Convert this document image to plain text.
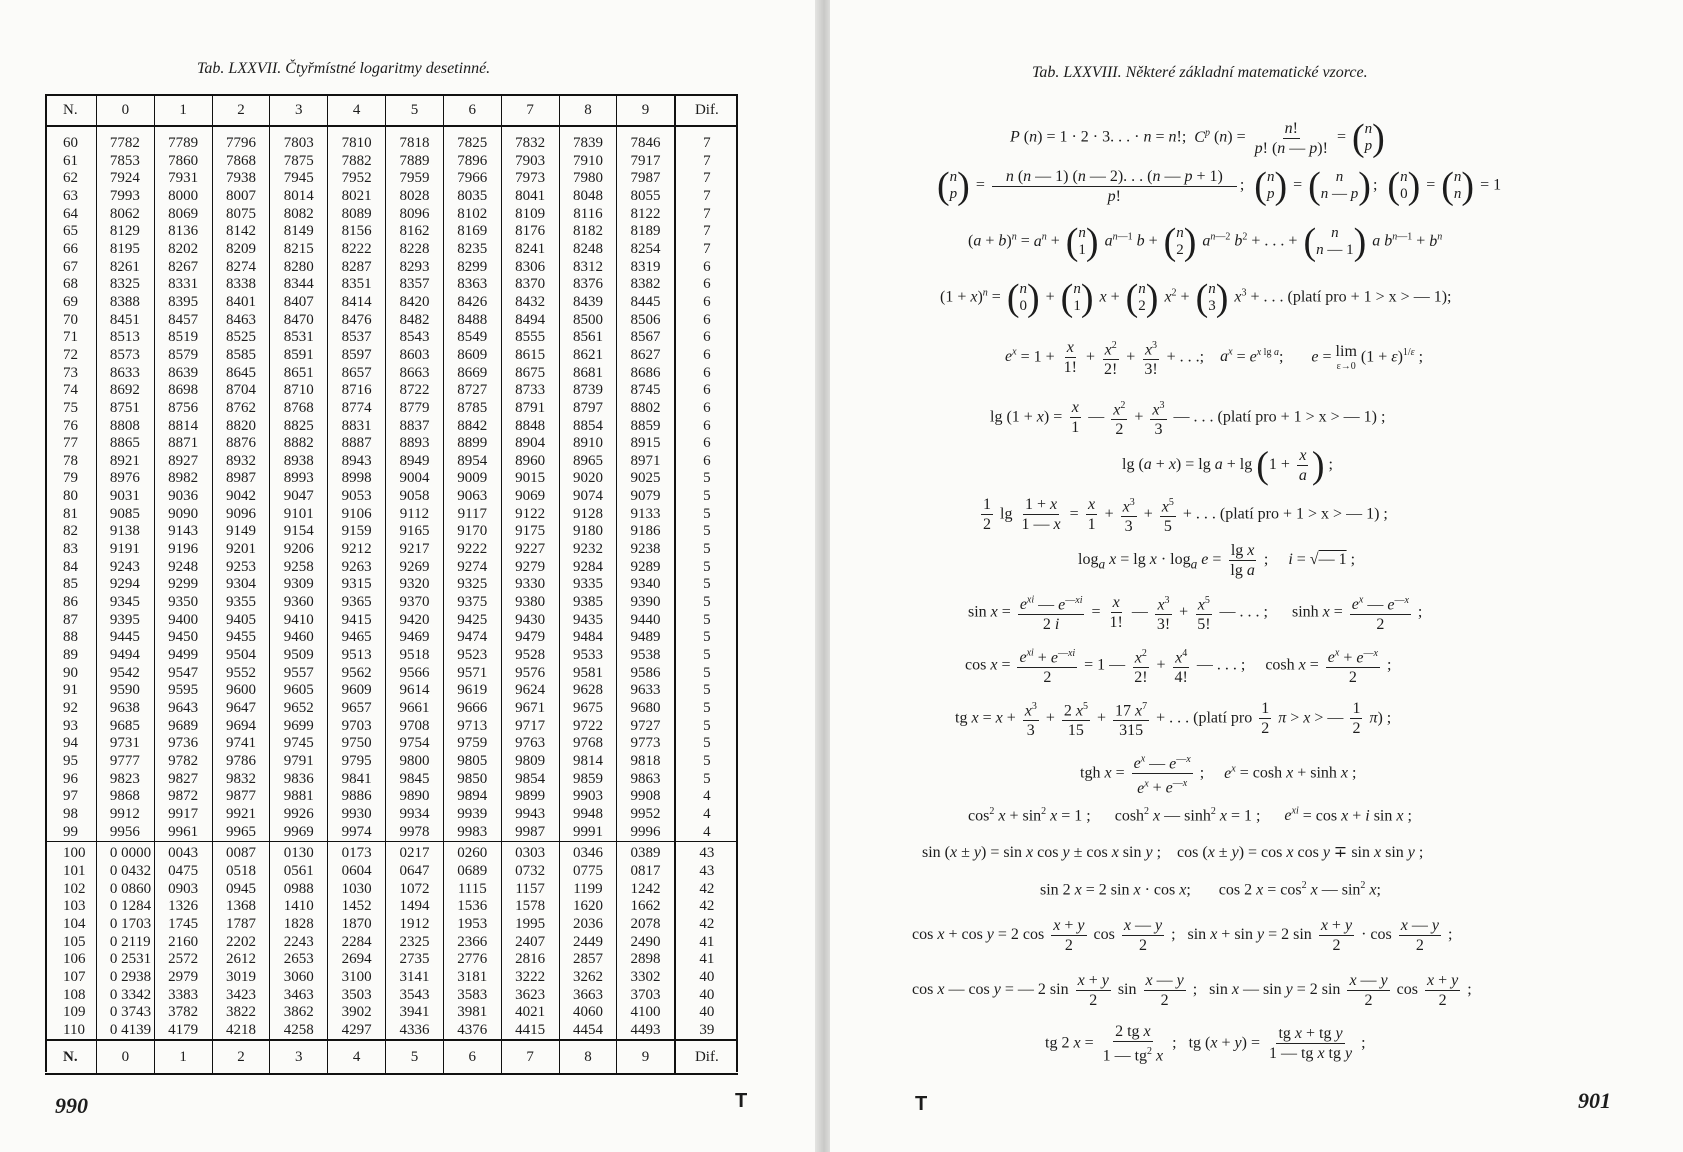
Tab. LXXVII. Čtyřmístné logaritmy desetinné.
N.	0	1	2	3	4	5	6	7	8	9	Dif.
60	7782	7789	7796	7803	7810	7818	7825	7832	7839	7846	7
61	7853	7860	7868	7875	7882	7889	7896	7903	7910	7917	7
62	7924	7931	7938	7945	7952	7959	7966	7973	7980	7987	7
63	7993	8000	8007	8014	8021	8028	8035	8041	8048	8055	7
64	8062	8069	8075	8082	8089	8096	8102	8109	8116	8122	7
65	8129	8136	8142	8149	8156	8162	8169	8176	8182	8189	7
66	8195	8202	8209	8215	8222	8228	8235	8241	8248	8254	7
67	8261	8267	8274	8280	8287	8293	8299	8306	8312	8319	6
68	8325	8331	8338	8344	8351	8357	8363	8370	8376	8382	6
69	8388	8395	8401	8407	8414	8420	8426	8432	8439	8445	6
70	8451	8457	8463	8470	8476	8482	8488	8494	8500	8506	6
71	8513	8519	8525	8531	8537	8543	8549	8555	8561	8567	6
72	8573	8579	8585	8591	8597	8603	8609	8615	8621	8627	6
73	8633	8639	8645	8651	8657	8663	8669	8675	8681	8686	6
74	8692	8698	8704	8710	8716	8722	8727	8733	8739	8745	6
75	8751	8756	8762	8768	8774	8779	8785	8791	8797	8802	6
76	8808	8814	8820	8825	8831	8837	8842	8848	8854	8859	6
77	8865	8871	8876	8882	8887	8893	8899	8904	8910	8915	6
78	8921	8927	8932	8938	8943	8949	8954	8960	8965	8971	6
79	8976	8982	8987	8993	8998	9004	9009	9015	9020	9025	5
80	9031	9036	9042	9047	9053	9058	9063	9069	9074	9079	5
81	9085	9090	9096	9101	9106	9112	9117	9122	9128	9133	5
82	9138	9143	9149	9154	9159	9165	9170	9175	9180	9186	5
83	9191	9196	9201	9206	9212	9217	9222	9227	9232	9238	5
84	9243	9248	9253	9258	9263	9269	9274	9279	9284	9289	5
85	9294	9299	9304	9309	9315	9320	9325	9330	9335	9340	5
86	9345	9350	9355	9360	9365	9370	9375	9380	9385	9390	5
87	9395	9400	9405	9410	9415	9420	9425	9430	9435	9440	5
88	9445	9450	9455	9460	9465	9469	9474	9479	9484	9489	5
89	9494	9499	9504	9509	9513	9518	9523	9528	9533	9538	5
90	9542	9547	9552	9557	9562	9566	9571	9576	9581	9586	5
91	9590	9595	9600	9605	9609	9614	9619	9624	9628	9633	5
92	9638	9643	9647	9652	9657	9661	9666	9671	9675	9680	5
93	9685	9689	9694	9699	9703	9708	9713	9717	9722	9727	5
94	9731	9736	9741	9745	9750	9754	9759	9763	9768	9773	5
95	9777	9782	9786	9791	9795	9800	9805	9809	9814	9818	5
96	9823	9827	9832	9836	9841	9845	9850	9854	9859	9863	5
97	9868	9872	9877	9881	9886	9890	9894	9899	9903	9908	4
98	9912	9917	9921	9926	9930	9934	9939	9943	9948	9952	4
99	9956	9961	9965	9969	9974	9978	9983	9987	9991	9996	4
100	0 0000	0043	0087	0130	0173	0217	0260	0303	0346	0389	43
101	0 0432	0475	0518	0561	0604	0647	0689	0732	0775	0817	43
102	0 0860	0903	0945	0988	1030	1072	1115	1157	1199	1242	42
103	0 1284	1326	1368	1410	1452	1494	1536	1578	1620	1662	42
104	0 1703	1745	1787	1828	1870	1912	1953	1995	2036	2078	42
105	0 2119	2160	2202	2243	2284	2325	2366	2407	2449	2490	41
106	0 2531	2572	2612	2653	2694	2735	2776	2816	2857	2898	41
107	0 2938	2979	3019	3060	3100	3141	3181	3222	3262	3302	40
108	0 3342	3383	3423	3463	3503	3543	3583	3623	3663	3703	40
109	0 3743	3782	3822	3862	3902	3941	3981	4021	4060	4100	40
110	0 4139	4179	4218	4258	4297	4336	4376	4415	4454	4493	39
N.	0	1	2	3	4	5	6	7	8	9	Dif.
990	T
Tab. LXXVIII. Některé základní matematické vzorce.
P (n) = 1 · 2 · 3. . . · n = n!;  $C^p$ $(n) = \frac{n!}{p! (n — p)!}$ = ( n
p )
( n
p ) = $\frac{n (n — 1) (n — 2). . . (n — p + 1)}{p!}$ ; ( n
p ) = ( n
n — p ) ; ( n
0 ) = ( n
n ) = 1
$(a + b)^n = a^n$ + ( n
1 ) $a^{n—1}$ b + ( n
2 ) $a^{n—2}$ $b^2$ + . . . + ( n
n — 1 ) a $b^{n—1} + b^n$
$(1 + x)^n$ = ( n
0 ) + ( n
1 ) x + ( n
2 ) $x^2$ + ( n
3 ) $x^3$ + . . . (platí pro + 1 > x > — 1);
$e^x = 1 + \frac{x}{1!} + \frac{x^2}{2!} + \frac{x^3}{3!}$ + . . .;    $a^x = e^{x lg a}$;       e = lim
ε→0
$(1 + \varepsilon)^{1/\varepsilon}$ ;
$\lg (1 + x) = \frac{x}{1}$ — $\frac{x^2}{2} + \frac{x^3}{3}$ — . . . (platí pro + 1 > x > — 1) ;
$\lg (a + x) = \lg a + \lg (1 + \frac{x}{a}$ ) ;
$\frac{1}{2}$ $\lg \frac{1 + x}{1 — x} = \frac{x}{1} + \frac{x^3}{3} + \frac{x^5}{5}$ + . . . (platí pro + 1 > x > — 1) ;
$\log_a x = \lg x \cdot \log_a e = \frac{\text{lg x}}{\text{lg a}}$ ;     i = √— 1 ;
$\sin x = \frac{e^{xi} — e^{—xi}}{2 i} = \frac{x}{1!}$ — $\frac{x^3}{3!} + \frac{x^5}{5!}$ — . . . ;      $\sinh x = \frac{e^x — e^{—x}}{2}$ ;
$\cos x = \frac{e^{xi} + e^{—xi}}{2} = 1$ — $\frac{x^2}{2!} + \frac{x^4}{4!}$ — . . . ;     $\cosh x = \frac{e^x + e^{—x}}{2}$ ;
tg $x = x + \frac{x^3}{3} + \frac{2 x^5}{15} + \frac{17 x^7}{315}$ + . . . (platí pro $\frac{1}{2}$ π > x > — $\frac{1}{2} \pi$) ;
tgh $x = \frac{e^x — e^{—x}}{e^x + e^{—x}}$ ;     $e^x = \cosh x + \sinh x$ ;
$\cos^2 x + \sin^2 x = 1$ ;      $\cosh^2 x$ — $\sinh^2 x = 1$ ;      $e^{xi} = \cos x + i$ sin x ;
sin (x ± y) = sin x cos y ± cos x sin y ;    cos (x ± y) = cos x cos y ∓ sin x sin y ;
sin 2 x = 2 sin x · cos x;       cos 2 $x = \cos^2 x$ — $\sin^2 x$;
cos x + cos y = 2 $\cos \frac{x + y}{2}$ $\cos \frac{x — y}{2}$ ;   sin x + sin y = 2 $\sin \frac{x + y}{2} \cdot \cos \frac{x — y}{2}$ ;
cos x — cos y = — 2 $\sin \frac{x + y}{2}$ $\sin \frac{x — y}{2}$ ;   sin x — sin y = 2 $\sin \frac{x — y}{2}$ $\cos \frac{x + y}{2}$ ;
tg 2 $x = \frac{\text{2 tg x}}{1 — tg^2 x}$ ;   tg $(x + y) = \frac{\text{tg x + tg y}}{\text{1 — tg x tg y}}$ ;
901
T
